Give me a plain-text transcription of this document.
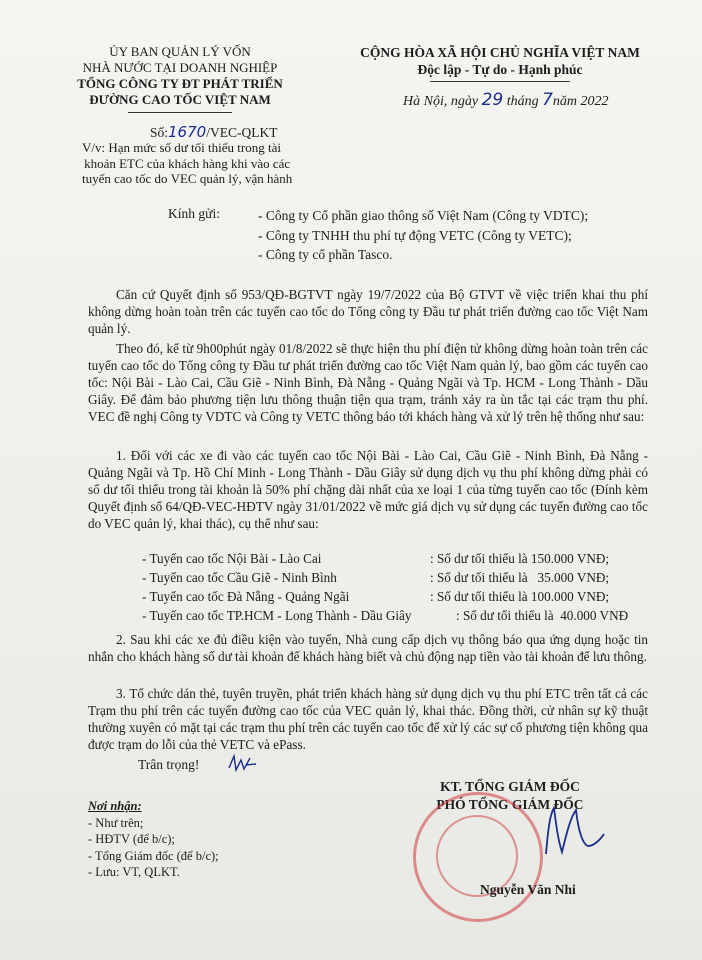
ỦY BAN QUẢN LÝ VỐN
NHÀ NƯỚC TẠI DOANH NGHIỆP
TỔNG CÔNG TY ĐT PHÁT TRIỂN
ĐƯỜNG CAO TỐC VIỆT NAM
CỘNG HÒA XÃ HỘI CHỦ NGHĨA VIỆT NAM
Độc lập - Tự do - Hạnh phúc
Hà Nội, ngày 29 tháng 7năm 2022
Số:1670/VEC-QLKT
V/v: Hạn mức số dư tối thiểu trong tài
khoản ETC của khách hàng khi vào các
tuyến cao tốc do VEC quản lý, vận hành
Kính gửi:	- Công ty Cổ phần giao thông số Việt Nam (Công ty VDTC);
- Công ty TNHH thu phí tự động VETC (Công ty VETC);
- Công ty cổ phần Tasco.
Căn cứ Quyết định số 953/QĐ-BGTVT ngày 19/7/2022 của Bộ GTVT về việc triển khai thu phí không dừng hoàn toàn trên các tuyến cao tốc do Tổng công ty Đầu tư phát triển đường cao tốc Việt Nam quản lý.
Theo đó, kể từ 9h00phút ngày 01/8/2022 sẽ thực hiện thu phí điện tử không dừng hoàn toàn trên các tuyến cao tốc do Tổng công ty Đầu tư phát triển đường cao tốc Việt Nam quản lý, bao gồm các tuyến cao tốc: Nội Bài - Lào Cai, Cầu Giẽ - Ninh Bình, Đà Nẵng - Quảng Ngãi và Tp. HCM - Long Thành - Dầu Giây. Để đảm bảo phương tiện lưu thông thuận tiện qua trạm, tránh xảy ra ùn tắc tại các trạm thu phí. VEC đề nghị Công ty VDTC và Công ty VETC thông báo tới khách hàng và xử lý trên hệ thống như sau:
1. Đối với các xe đi vào các tuyến cao tốc Nội Bài - Lào Cai, Cầu Giẽ - Ninh Bình, Đà Nẵng - Quảng Ngãi và Tp. Hồ Chí Minh - Long Thành - Dầu Giây sử dụng dịch vụ thu phí không dừng phải có số dư tối thiểu trong tài khoản là 50% phí chặng dài nhất của xe loại 1 của từng tuyến cao tốc (Đính kèm Quyết định số 64/QĐ-VEC-HĐTV ngày 31/01/2022 về mức giá dịch vụ sử dụng các tuyến đường cao tốc do VEC quản lý, khai thác), cụ thể như sau:
- Tuyến cao tốc Nội Bài - Lào Cai	: Số dư tối thiểu là 150.000 VNĐ;
- Tuyến cao tốc Cầu Giẽ - Ninh Bình	: Số dư tối thiểu là   35.000 VNĐ;
- Tuyến cao tốc Đà Nẵng - Quảng Ngãi	: Số dư tối thiểu là 100.000 VNĐ;
- Tuyến cao tốc TP.HCM - Long Thành - Dầu Giây	: Số dư tối thiểu là  40.000 VNĐ
2. Sau khi các xe đủ điều kiện vào tuyến, Nhà cung cấp dịch vụ thông báo qua ứng dụng hoặc tin nhắn cho khách hàng số dư tài khoản để khách hàng biết và chủ động nạp tiền vào tài khoản để lưu thông.
3. Tổ chức dán thẻ, tuyên truyền, phát triển khách hàng sử dụng dịch vụ thu phí ETC trên tất cả các Trạm thu phí trên các tuyến đường cao tốc của VEC quản lý, khai thác. Đồng thời, cử nhân sự kỹ thuật thường xuyên có mặt tại các trạm thu phí trên các tuyến cao tốc để xử lý các sự cố phương tiện không qua được trạm do lỗi của thẻ VETC và ePass.
Trân trọng!
Nơi nhận:
- Như trên;
- HĐTV (để b/c);
- Tổng Giám đốc (để b/c);
- Lưu: VT, QLKT.
KT. TỔNG GIÁM ĐỐC
PHÓ TỔNG GIÁM ĐỐC
Nguyễn Văn Nhi
